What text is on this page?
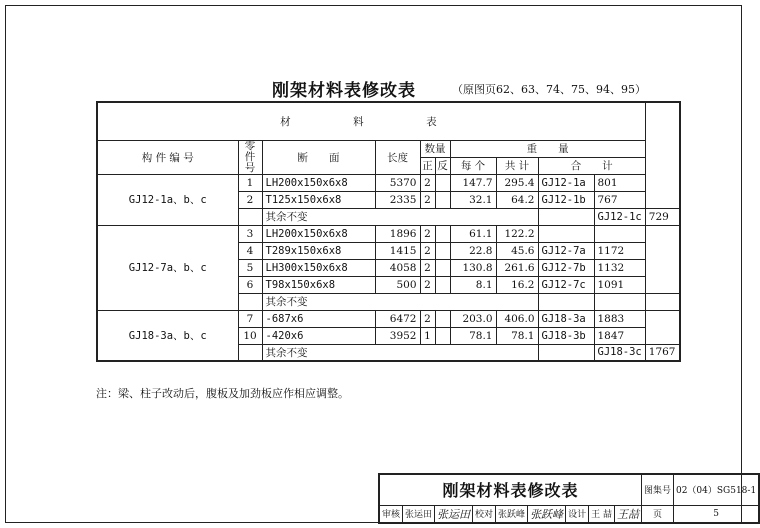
刚架材料表修改表	（原图页62、63、74、75、94、95）
材　料　表										
构 件 编 号	零件号	断　　面	长度	数量		重　　量				
				正	反	每 个	共 计	合　　计		
GJ12-1a、b、c	1	LH200x150x6x8	5370	2		147.7	295.4	GJ12-1a	801	
	2	T125x150x6x8	2335	2		32.1	64.2	GJ12-1b	767	
		其余不变							GJ12-1c	729
GJ12-7a、b、c	3	LH200x150x6x8	1896	2		61.1	122.2			
	4	T289x150x6x8	1415	2		22.8	45.6	GJ12-7a	1172	
	5	LH300x150x6x8	4058	2		130.8	261.6	GJ12-7b	1132	
	6	T98x150x6x8	500	2		8.1	16.2	GJ12-7c	1091	
		其余不变								
GJ18-3a、b、c	7	-687x6	6472	2		203.0	406.0	GJ18-3a	1883	
	10	-420x6	3952	1		78.1	78.1	GJ18-3b	1847	
		其余不变							GJ18-3c	1767
注：梁、柱子改动后，腹板及加劲板应作相应调整。
刚架材料表修改表									图集号	02（04）SG518-1
审核	张运田	张运田	校对	张跃峰	张跃峰	设计	王 喆	王喆	页	5
